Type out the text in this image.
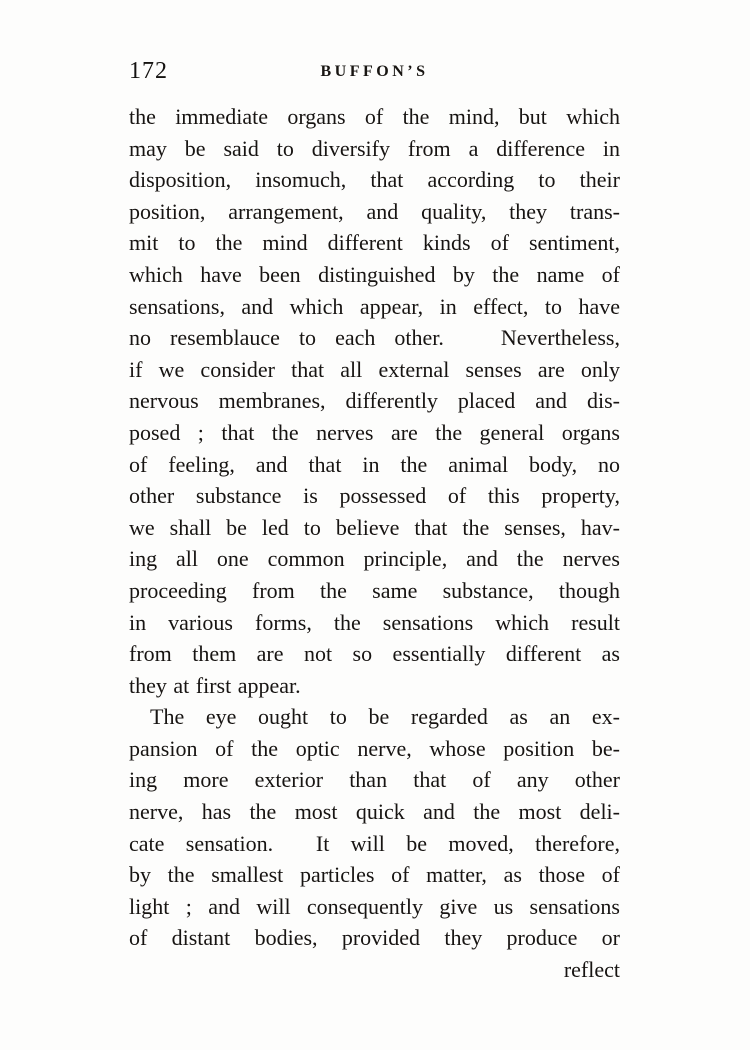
172	BUFFON’S
the immediate organs of the mind, but which
may be said to diversify from a difference in
disposition, insomuch, that according to their
position, arrangement, and quality, they trans-
mit to the mind different kinds of sentiment,
which have been distinguished by the name of
sensations, and which appear, in effect, to have
no resemblauce to each other.   Nevertheless,
if we consider that all external senses are only
nervous membranes, differently placed and dis-
posed ; that the nerves are the general organs
of feeling, and that in the animal body, no
other substance is possessed of this property,
we shall be led to believe that the senses, hav-
ing all one common principle, and the nerves
proceeding from the same substance, though
in various forms, the sensations which result
from them are not so essentially different as
they at first appear.
The eye ought to be regarded as an ex-
pansion of the optic nerve, whose position be-
ing more exterior than that of any other
nerve, has the most quick and the most deli-
cate sensation.  It will be moved, therefore,
by the smallest particles of matter, as those of
light ; and will consequently give us sensations
of distant bodies, provided they produce or
reflect
